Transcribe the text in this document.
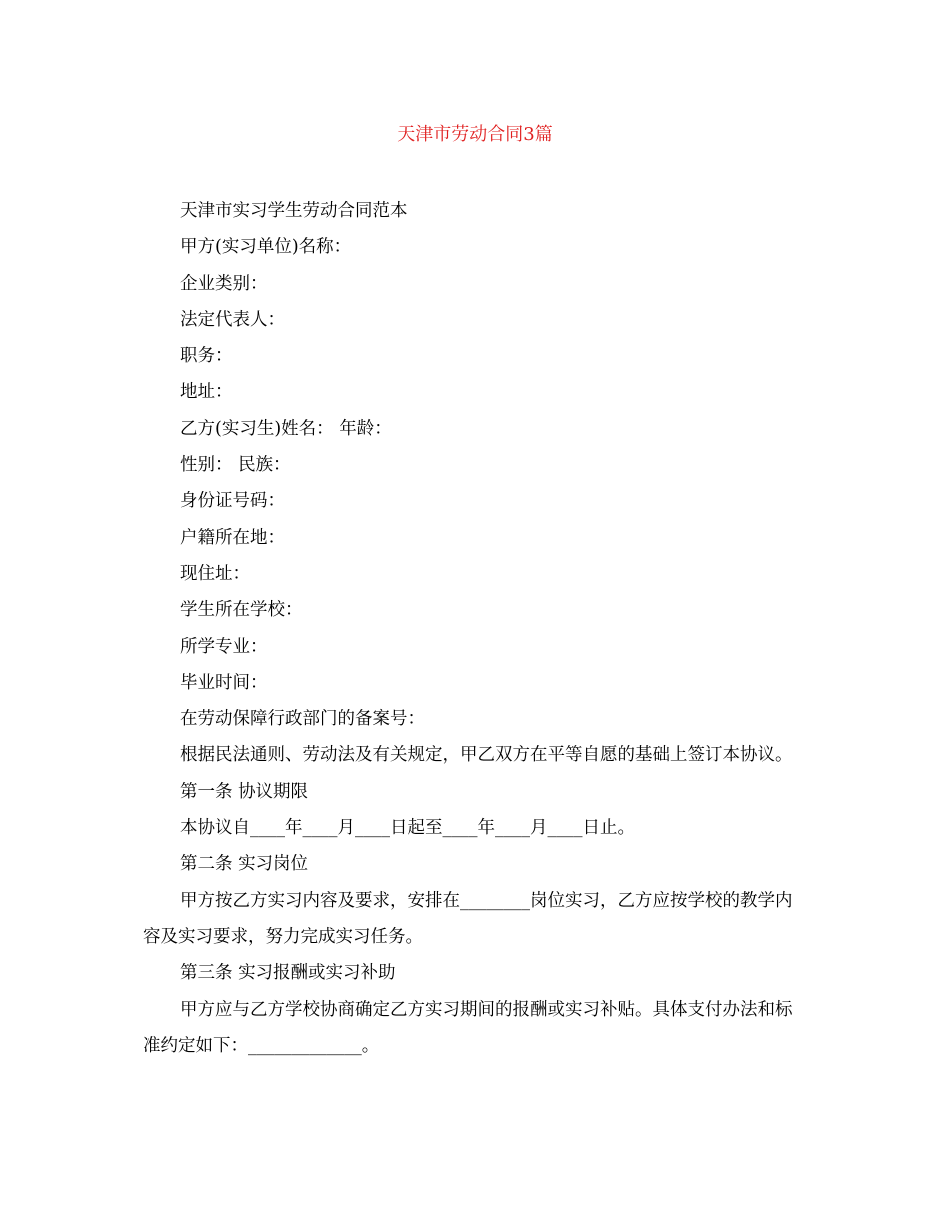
天津市劳动合同3篇

天津市实习学生劳动合同范本

甲方(实习单位)名称：

企业类别：

法定代表人：

职务：

地址：

乙方(实习生)姓名： 年龄：

性别： 民族：

身份证号码：

户籍所在地：

现住址：

学生所在学校：

所学专业：

毕业时间：

在劳动保障行政部门的备案号：

根据民法通则、劳动法及有关规定，甲乙双方在平等自愿的基础上签订本协议。

第一条 协议期限

本协议自____年____月____日起至____年____月____日止。

第二条 实习岗位

甲方按乙方实习内容及要求，安排在________岗位实习，乙方应按学校的教学内容及实习要求，努力完成实习任务。

第三条 实习报酬或实习补助

甲方应与乙方学校协商确定乙方实习期间的报酬或实习补贴。具体支付办法和标准约定如下：_____________。
